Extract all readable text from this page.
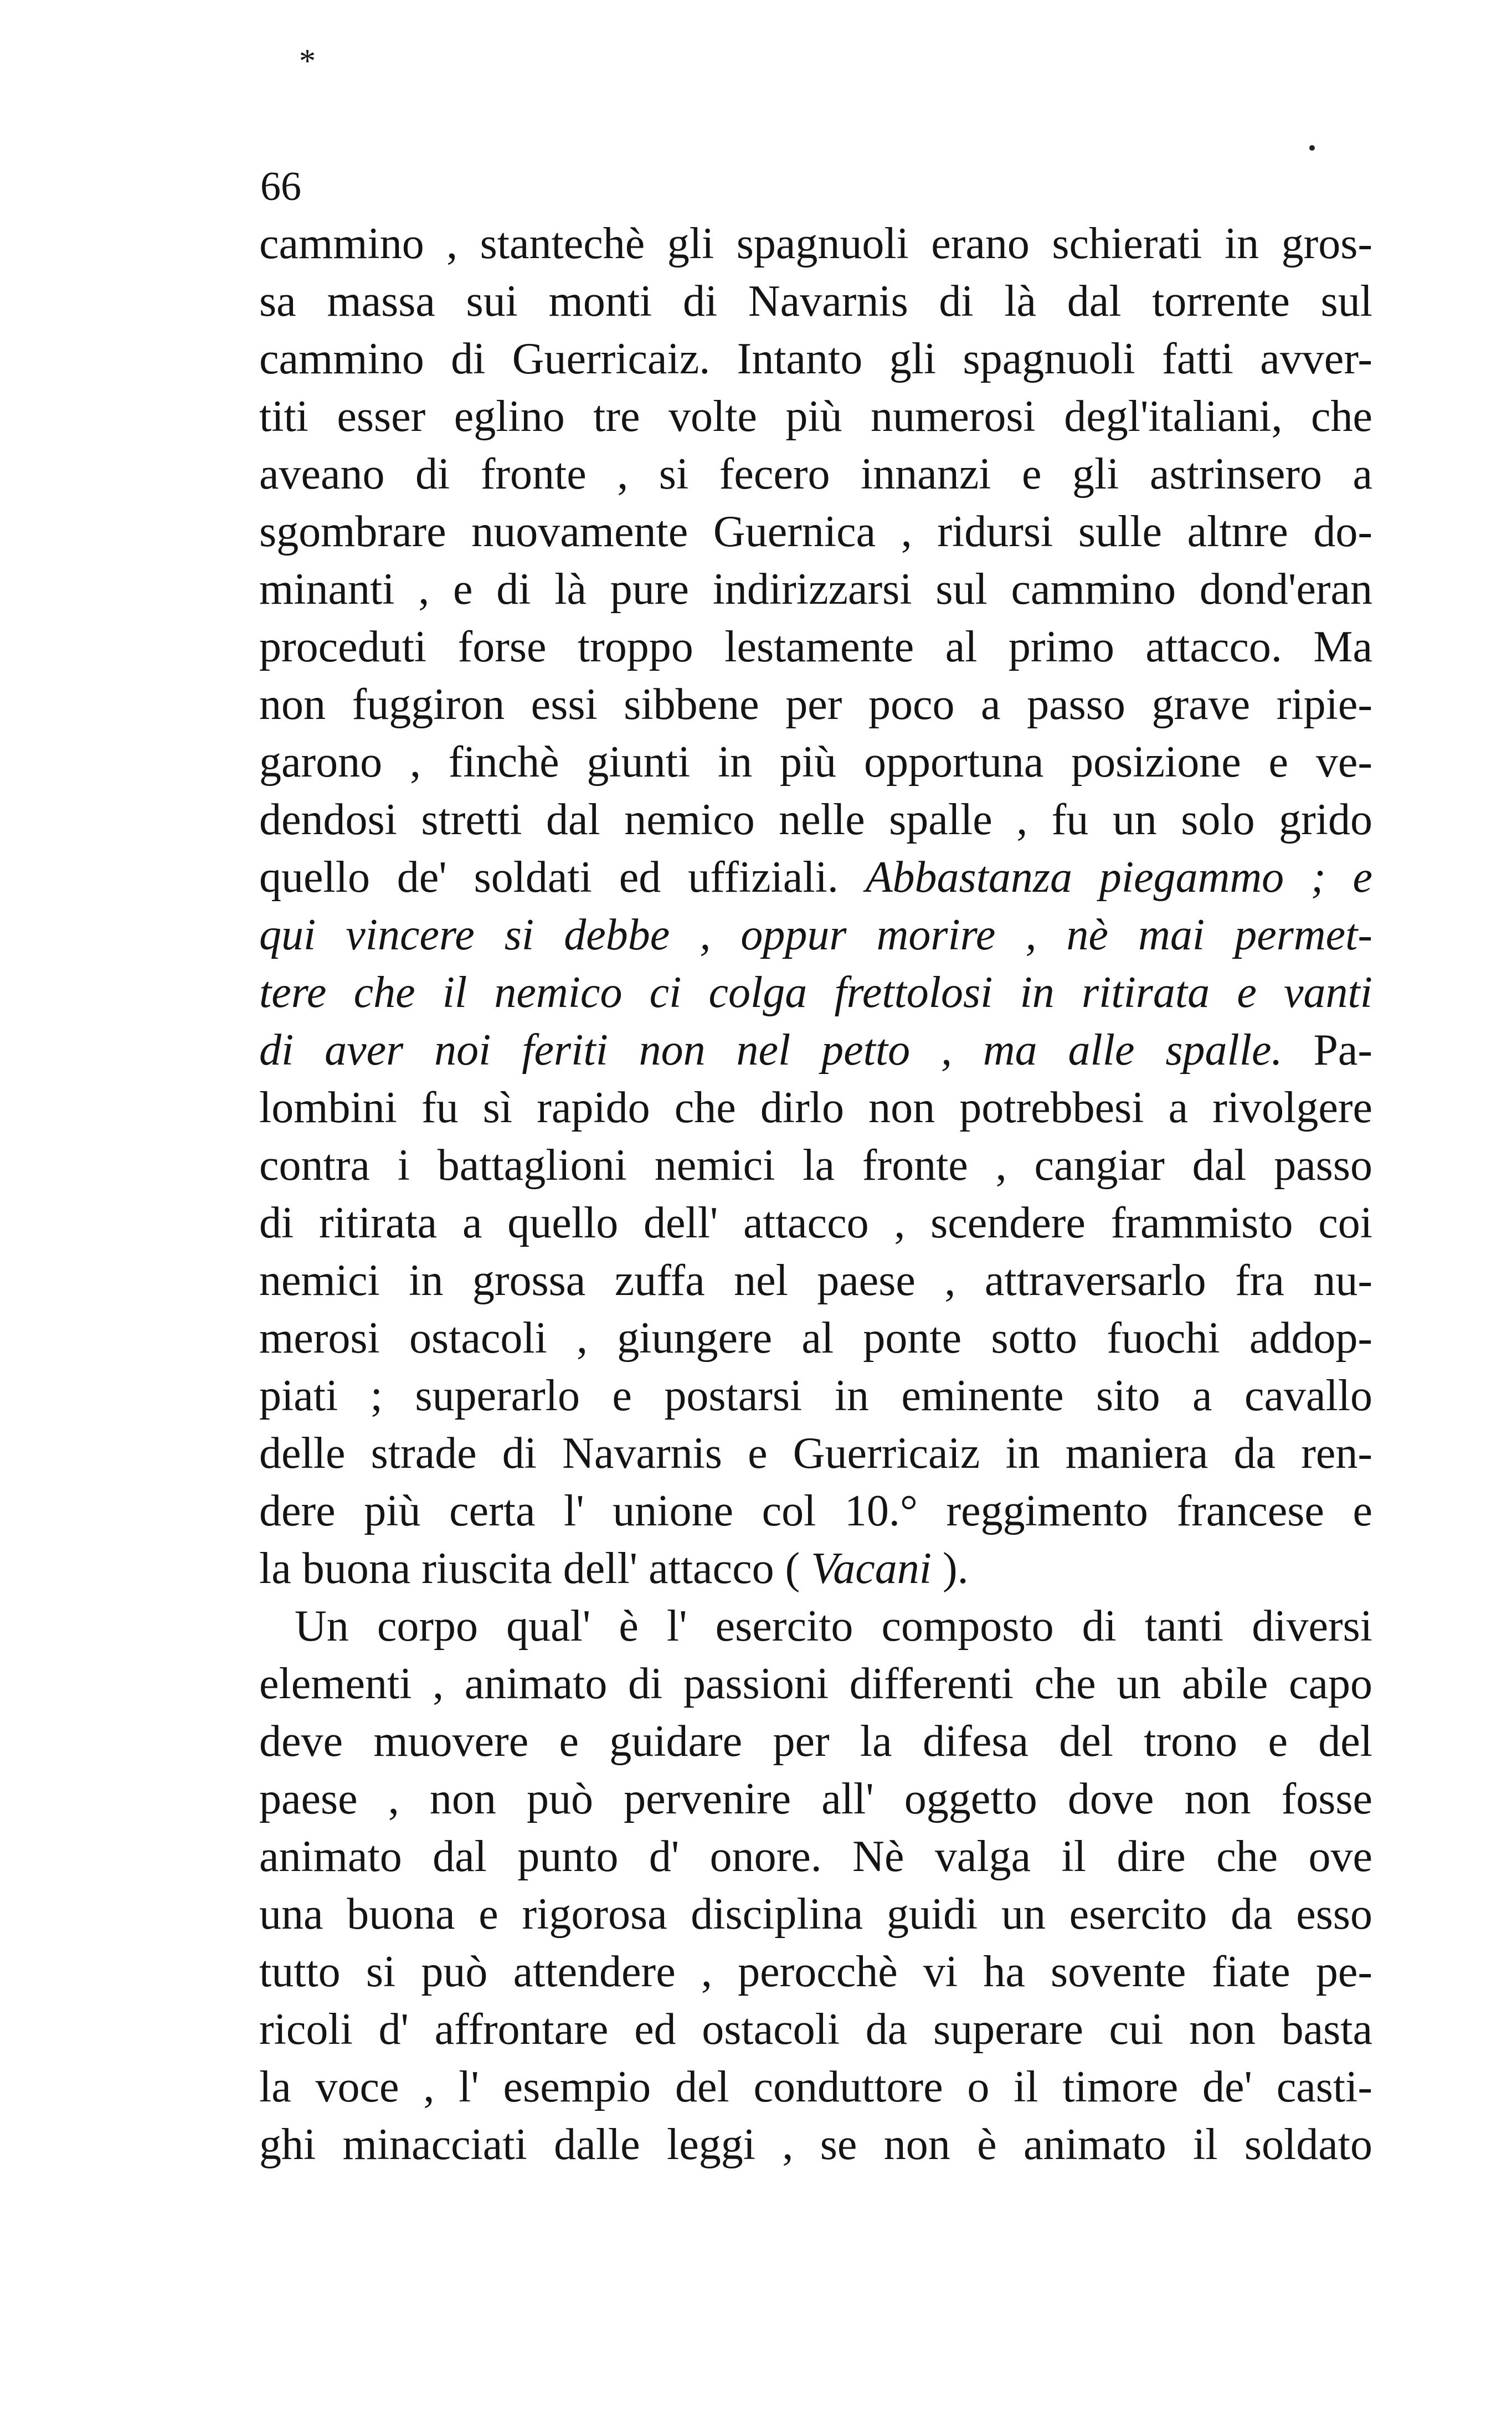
*
66
cammino , stantechè gli spagnuoli erano schierati in gros-
sa massa sui monti di Navarnis di là dal torrente sul
cammino di Guerricaiz. Intanto gli spagnuoli fatti avver-
titi esser eglino tre volte più numerosi degl'italiani, che
aveano di fronte , si fecero innanzi e gli astrinsero a
sgombrare nuovamente Guernica , ridursi sulle altnre do-
minanti , e di là pure indirizzarsi sul cammino dond'eran
proceduti forse troppo lestamente al primo attacco. Ma
non fuggiron essi sibbene per poco a passo grave ripie-
garono , finchè giunti in più opportuna posizione e ve-
dendosi stretti dal nemico nelle spalle , fu un solo grido
quello de' soldati ed uffiziali. Abbastanza piegammo ; e
qui vincere si debbe , oppur morire , nè mai permet-
tere che il nemico ci colga frettolosi in ritirata e vanti
di aver noi feriti non nel petto , ma alle spalle. Pa-
lombini fu sì rapido che dirlo non potrebbesi a rivolgere
contra i battaglioni nemici la fronte , cangiar dal passo
di ritirata a quello dell' attacco , scendere frammisto coi
nemici in grossa zuffa nel paese , attraversarlo fra nu-
merosi ostacoli , giungere al ponte sotto fuochi addop-
piati ; superarlo e postarsi in eminente sito a cavallo
delle strade di Navarnis e Guerricaiz in maniera da ren-
dere più certa l' unione col 10.° reggimento francese e
la buona riuscita dell' attacco ( Vacani ).
Un corpo qual' è l' esercito composto di tanti diversi
elementi , animato di passioni differenti che un abile capo
deve muovere e guidare per la difesa del trono e del
paese , non può pervenire all' oggetto dove non fosse
animato dal punto d' onore. Nè valga il dire che ove
una buona e rigorosa disciplina guidi un esercito da esso
tutto si può attendere , perocchè vi ha sovente fiate pe-
ricoli d' affrontare ed ostacoli da superare cui non basta
la voce , l' esempio del conduttore o il timore de' casti-
ghi minacciati dalle leggi , se non è animato il soldato
